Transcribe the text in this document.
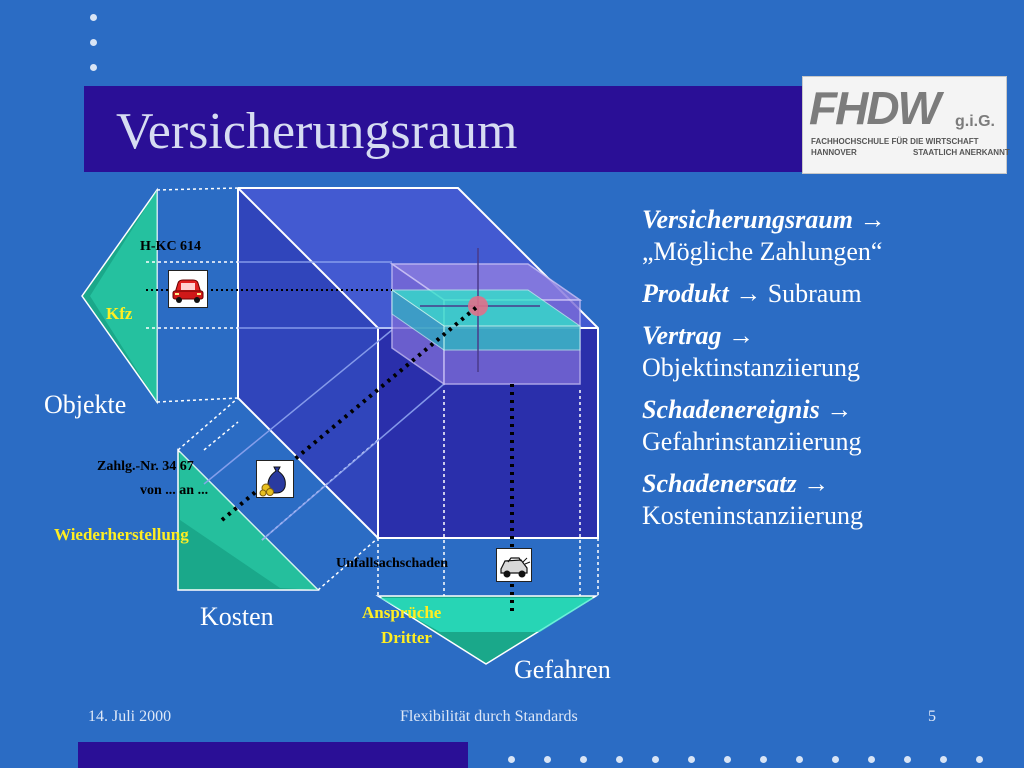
Versicherungsraum	FHDW g.i.G.
FACHHOCHSCHULE FÜR DIE WIRTSCHAFT
HANNOVER	STAATLICH ANERKANNT
H-KC 614
Kfz
Objekte
Zahlg.-Nr. 34 67
von ... an ...
Wiederherstellung
Kosten
Unfallsachschaden
Ansprüche
Dritter
Gefahren
Versicherungsraum →
„Mögliche Zahlungen“
Produkt → Subraum
Vertrag →
Objektinstanziierung
Schadenereignis →
Gefahrinstanziierung
Schadenersatz →
Kosteninstanziierung
14. Juli 2000	Flexibilität durch Standards	5
